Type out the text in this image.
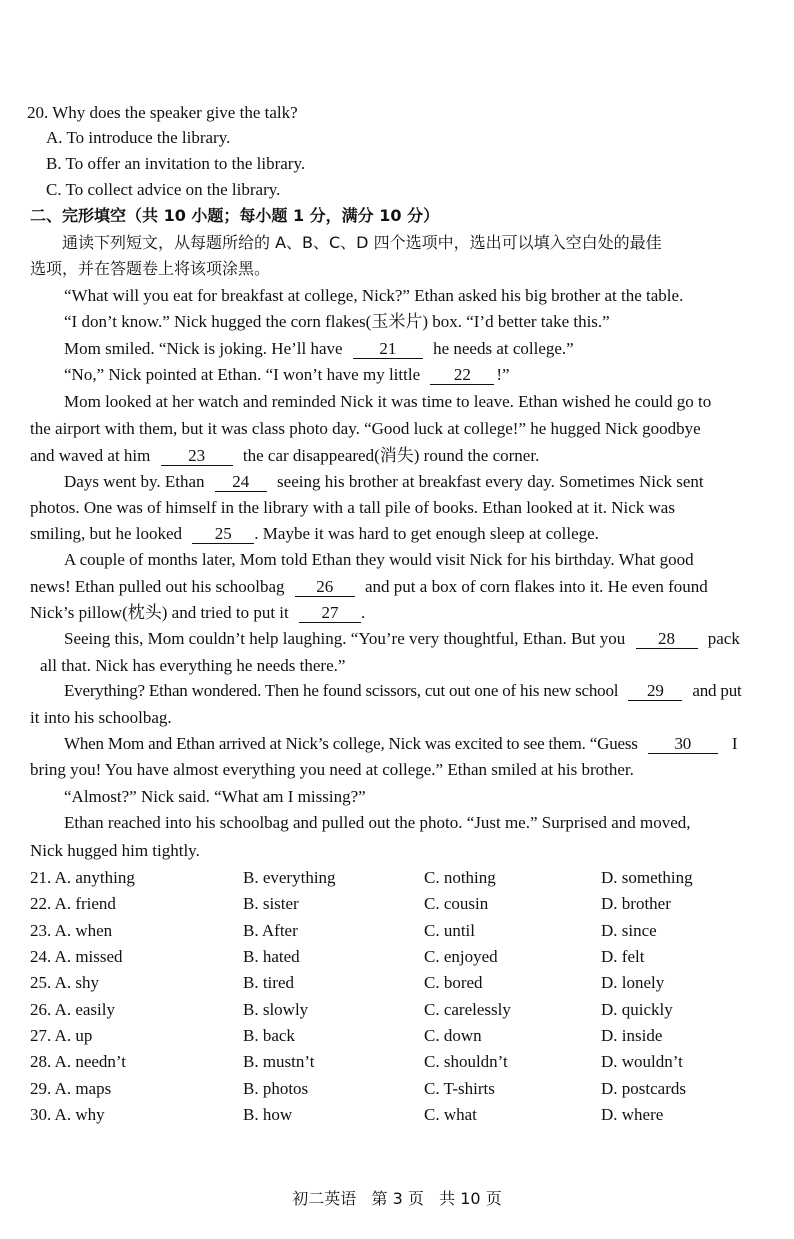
20. Why does the speaker give the talk?
A. To introduce the library.
B. To offer an invitation to the library.
C. To collect advice on the library.
二、完形填空（共 10 小题；每小题 1 分，满分 10 分）
通读下列短文，从每题所给的 A、B、C、D 四个选项中，选出可以填入空白处的最佳
选项，并在答题卷上将该项涂黑。
“What will you eat for breakfast at college, Nick?” Ethan asked his big brother at the table.
“I don’t know.” Nick hugged the corn flakes(玉米片) box. “I’d better take this.”
Mom smiled. “Nick is joking. He’ll have 21 he needs at college.”
“No,” Nick pointed at Ethan. “I won’t have my little 22 !”
Mom looked at her watch and reminded Nick it was time to leave. Ethan wished he could go to
the airport with them, but it was class photo day. “Good luck at college!” he hugged Nick goodbye
and waved at him 23 the car disappeared(消失) round the corner.
Days went by. Ethan 24 seeing his brother at breakfast every day. Sometimes Nick sent
photos. One was of himself in the library with a tall pile of books. Ethan looked at it. Nick was
smiling, but he looked 25 . Maybe it was hard to get enough sleep at college.
A couple of months later, Mom told Ethan they would visit Nick for his birthday. What good
news! Ethan pulled out his schoolbag 26 and put a box of corn flakes into it. He even found
Nick’s pillow(枕头) and tried to put it 27 .
Seeing this, Mom couldn’t help laughing. “You’re very thoughtful, Ethan. But you 28 pack
all that. Nick has everything he needs there.”
Everything? Ethan wondered. Then he found scissors, cut out one of his new school 29 and put
it into his schoolbag.
When Mom and Ethan arrived at Nick’s college, Nick was excited to see them. “Guess 30 I
bring you! You have almost everything you need at college.” Ethan smiled at his brother.
“Almost?” Nick said. “What am I missing?”
Ethan reached into his schoolbag and pulled out the photo. “Just me.” Surprised and moved,
Nick hugged him tightly.
21. A. anything	B. everything	C. nothing	D. something
22. A. friend	B. sister	C. cousin	D. brother
23. A. when	B. After	C. until	D. since
24. A. missed	B. hated	C. enjoyed	D. felt
25. A. shy	B. tired	C. bored	D. lonely
26. A. easily	B. slowly	C. carelessly	D. quickly
27. A. up	B. back	C. down	D. inside
28. A. needn’t	B. mustn’t	C. shouldn’t	D. wouldn’t
29. A. maps	B. photos	C. T-shirts	D. postcards
30. A. why	B. how	C. what	D. where
初二英语   第 3 页   共 10 页
